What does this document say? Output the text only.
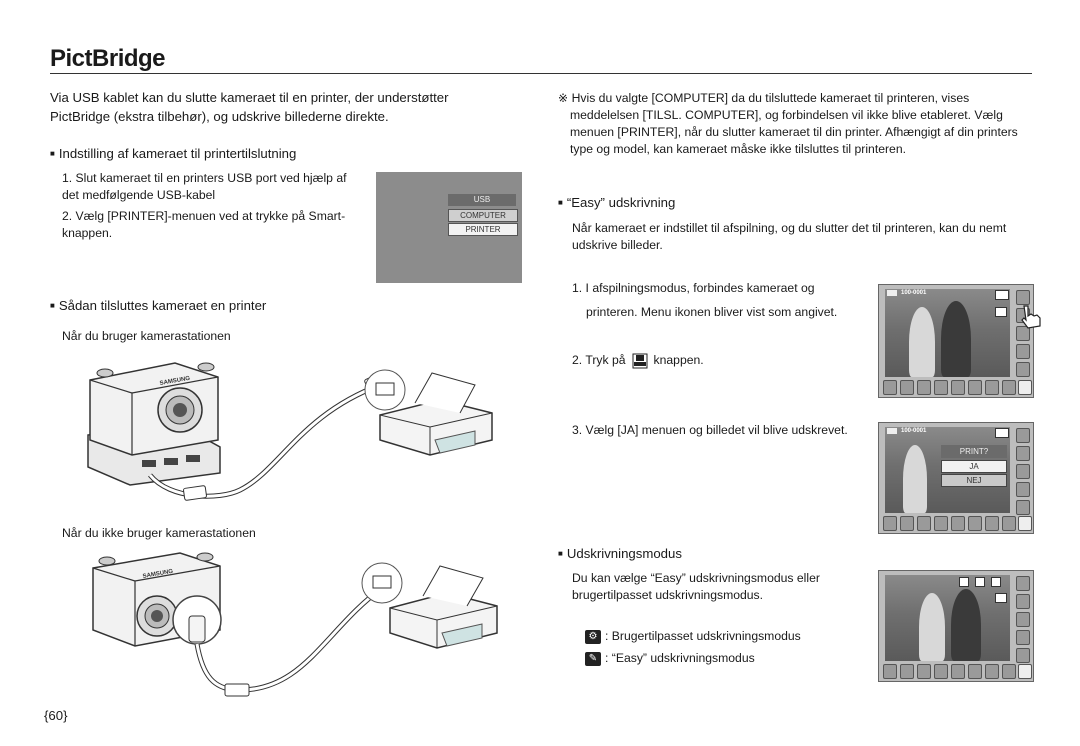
PictBridge
Via USB kablet kan du slutte kameraet til en printer, der understøtter PictBridge (ekstra tilbehør), og udskrive billederne direkte.
■ Indstilling af kameraet til printertilslutning
1. Slut kameraet til en printers USB port ved hjælp af det medfølgende USB-kabel
2. Vælg [PRINTER]-menuen ved at trykke på Smart- knappen.
USB
COMPUTER
PRINTER
■ Sådan tilsluttes kameraet en printer
Når du bruger kamerastationen
SAMSUNG
Når du ikke bruger kamerastationen
SAMSUNG
{60}
※ Hvis du valgte [COMPUTER] da du tilsluttede kameraet til printeren, vises meddelelsen [TILSL. COMPUTER], og forbindelsen vil ikke blive etableret. Vælg menuen [PRINTER], når du slutter kameraet til din printer. Afhængigt af din printers type og model, kan kameraet måske ikke tilsluttes til printeren.
■ “Easy” udskrivning
Når kameraet er indstillet til afspilning, og du slutter det til printeren, kan du nemt udskrive billeder.
1. I afspilningsmodus, forbindes kameraet og
printeren. Menu ikonen bliver vist som angivet.
2. Tryk på knappen.
3. Vælg [JA] menuen og billedet vil blive udskrevet.
100-0001
100-0001
PRINT?
JA
NEJ
■ Udskrivningsmodus
Du kan vælge “Easy” udskrivningsmodus eller brugertilpasset udskrivningsmodus.
⚙ : Brugertilpasset udskrivningsmodus
✎ : “Easy” udskrivningsmodus
